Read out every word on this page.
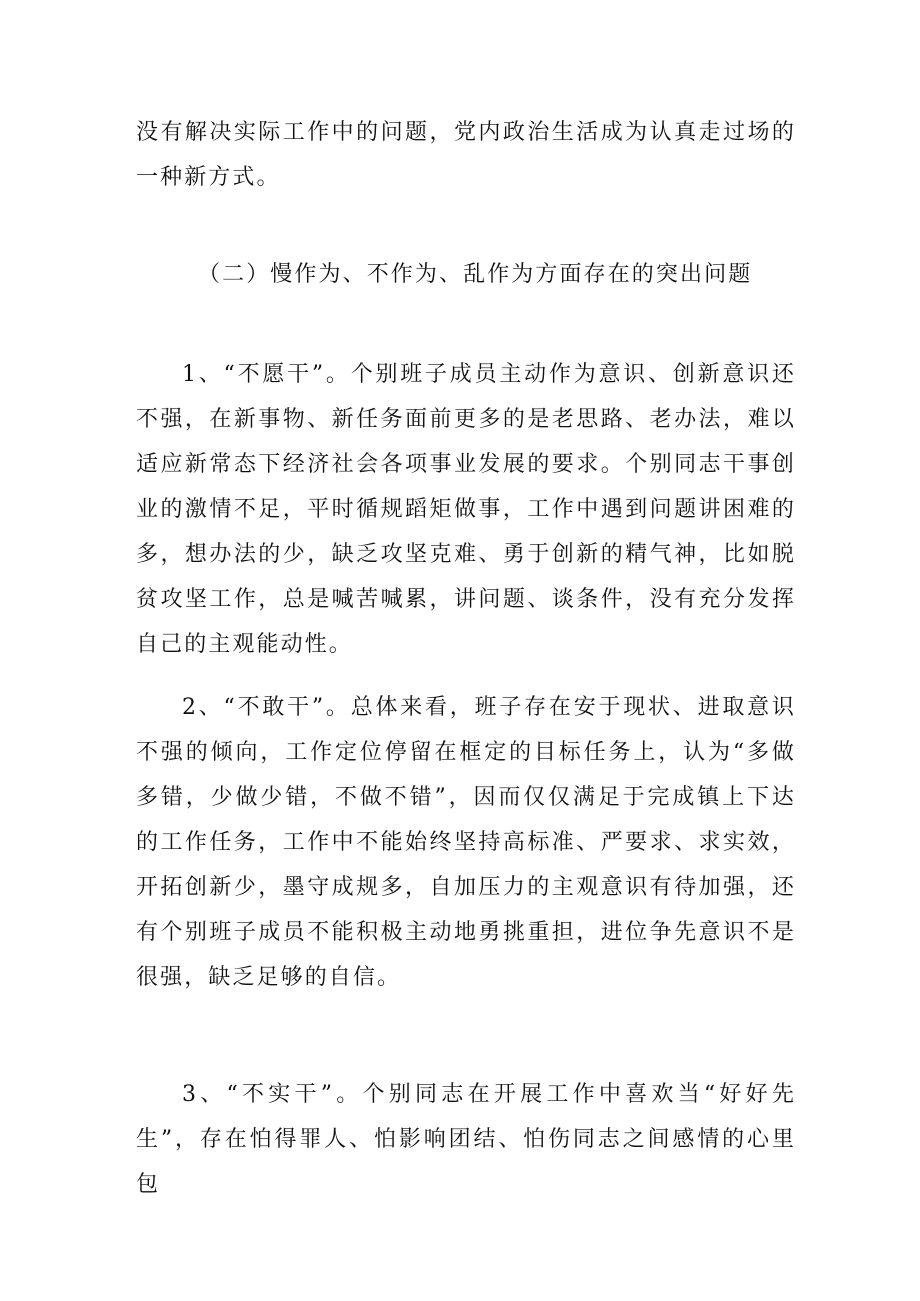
没有解决实际工作中的问题，党内政治生活成为认真走过场的一种新方式。

（二）慢作为、不作为、乱作为方面存在的突出问题

1、“不愿干”。个别班子成员主动作为意识、创新意识还不强，在新事物、新任务面前更多的是老思路、老办法，难以适应新常态下经济社会各项事业发展的要求。个别同志干事创业的激情不足，平时循规蹈矩做事，工作中遇到问题讲困难的多，想办法的少，缺乏攻坚克难、勇于创新的精气神，比如脱贫攻坚工作，总是喊苦喊累，讲问题、谈条件，没有充分发挥自己的主观能动性。

2、“不敢干”。总体来看，班子存在安于现状、进取意识不强的倾向，工作定位停留在框定的目标任务上，认为“多做多错，少做少错，不做不错”，因而仅仅满足于完成镇上下达的工作任务，工作中不能始终坚持高标准、严要求、求实效，开拓创新少，墨守成规多，自加压力的主观意识有待加强，还有个别班子成员不能积极主动地勇挑重担，进位争先意识不是很强，缺乏足够的自信。

3、“不实干”。个别同志在开展工作中喜欢当“好好先生”，存在怕得罪人、怕影响团结、怕伤同志之间感情的心里包
